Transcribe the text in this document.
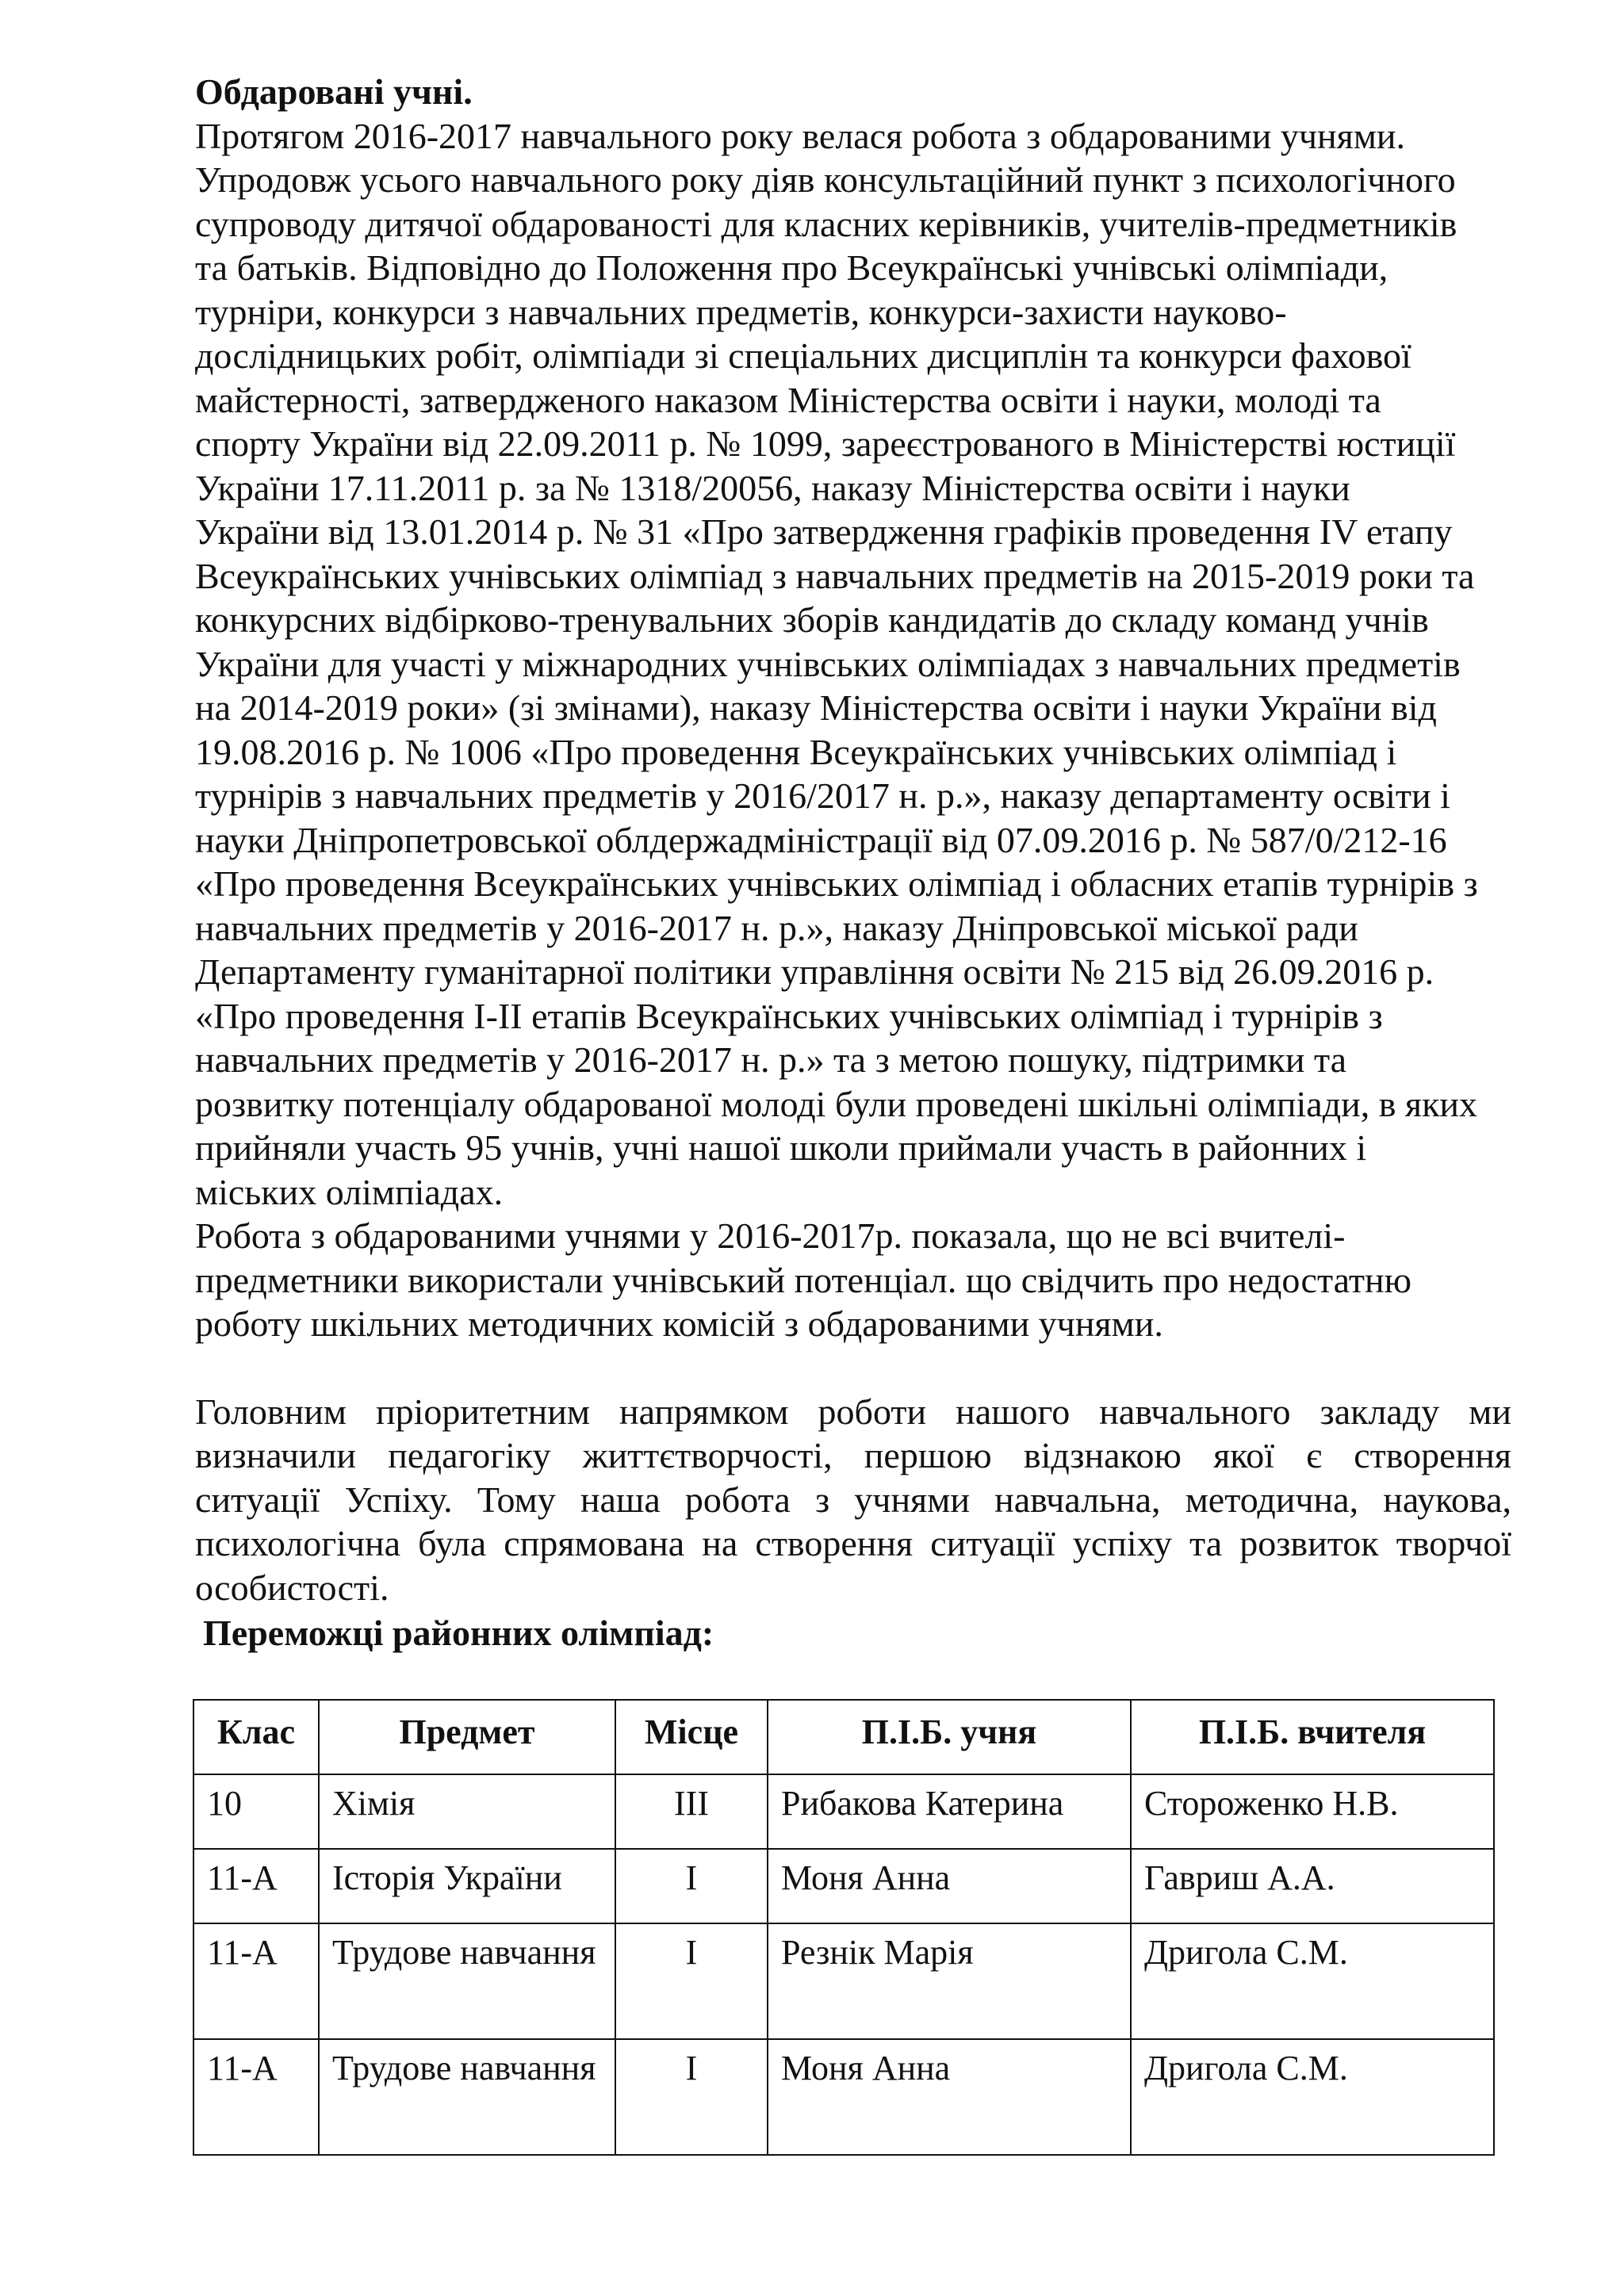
Обдаровані учні.
Протягом 2016-2017 навчального року велася робота з обдарованими учнями.
Упродовж усього навчального року діяв консультаційний пункт з психологічного
супроводу дитячої обдарованості для класних керівників, учителів-предметників
та батьків. Відповідно до Положення про Всеукраїнські учнівські олімпіади,
турніри, конкурси з навчальних предметів, конкурси-захисти науково-
дослідницьких робіт, олімпіади зі спеціальних дисциплін та конкурси фахової
майстерності, затвердженого наказом Міністерства освіти і науки, молоді та
спорту України від 22.09.2011 р. № 1099, зареєстрованого в Міністерстві юстиції
України 17.11.2011 р. за № 1318/20056, наказу Міністерства освіти і науки
України від 13.01.2014 р. № 31 «Про затвердження графіків проведення IV етапу
Всеукраїнських учнівських олімпіад з навчальних предметів на 2015-2019 роки та
конкурсних відбірково-тренувальних зборів кандидатів до складу команд учнів
України для участі у міжнародних учнівських олімпіадах з навчальних предметів
на 2014-2019 роки» (зі змінами), наказу Міністерства освіти і науки України від
19.08.2016 р. № 1006 «Про проведення Всеукраїнських учнівських олімпіад і
турнірів з навчальних предметів у 2016/2017 н. р.», наказу департаменту освіти і
науки Дніпропетровської облдержадміністрації від 07.09.2016 р. № 587/0/212-16
«Про проведення Всеукраїнських учнівських олімпіад і обласних етапів турнірів з
навчальних предметів у 2016-2017 н. р.», наказу Дніпровської міської ради
Департаменту гуманітарної політики управління освіти № 215 від 26.09.2016 р.
«Про проведення І-ІІ етапів Всеукраїнських учнівських олімпіад і турнірів з
навчальних предметів у 2016-2017 н. р.» та з метою пошуку, підтримки та
розвитку потенціалу обдарованої молоді були проведені шкільні олімпіади, в яких
прийняли участь 95 учнів, учні нашої школи приймали участь в районних і
міських олімпіадах.
Робота з обдарованими учнями у 2016-2017р. показала, що не всі вчителі-
предметники використали учнівський потенціал. що свідчить про недостатню
роботу шкільних методичних комісій з обдарованими учнями.
Головним пріоритетним напрямком роботи нашого навчального закладу ми
визначили педагогіку життєтворчості, першою відзнакою якої є створення
ситуації Успіху. Тому наша робота з учнями навчальна, методична, наукова,
психологічна була спрямована на створення ситуації успіху та розвиток творчої
особистості.
Переможці районних олімпіад:
Клас	Предмет	Місце	П.І.Б. учня	П.І.Б. вчителя
10	Хімія	ІІІ	Рибакова Катерина	Стороженко Н.В.
11-А	Історія України	І	Моня Анна	Гавриш А.А.
11-А	Трудове навчання	І	Резнік Марія	Дригола С.М.
11-А	Трудове навчання	І	Моня Анна	Дригола С.М.
